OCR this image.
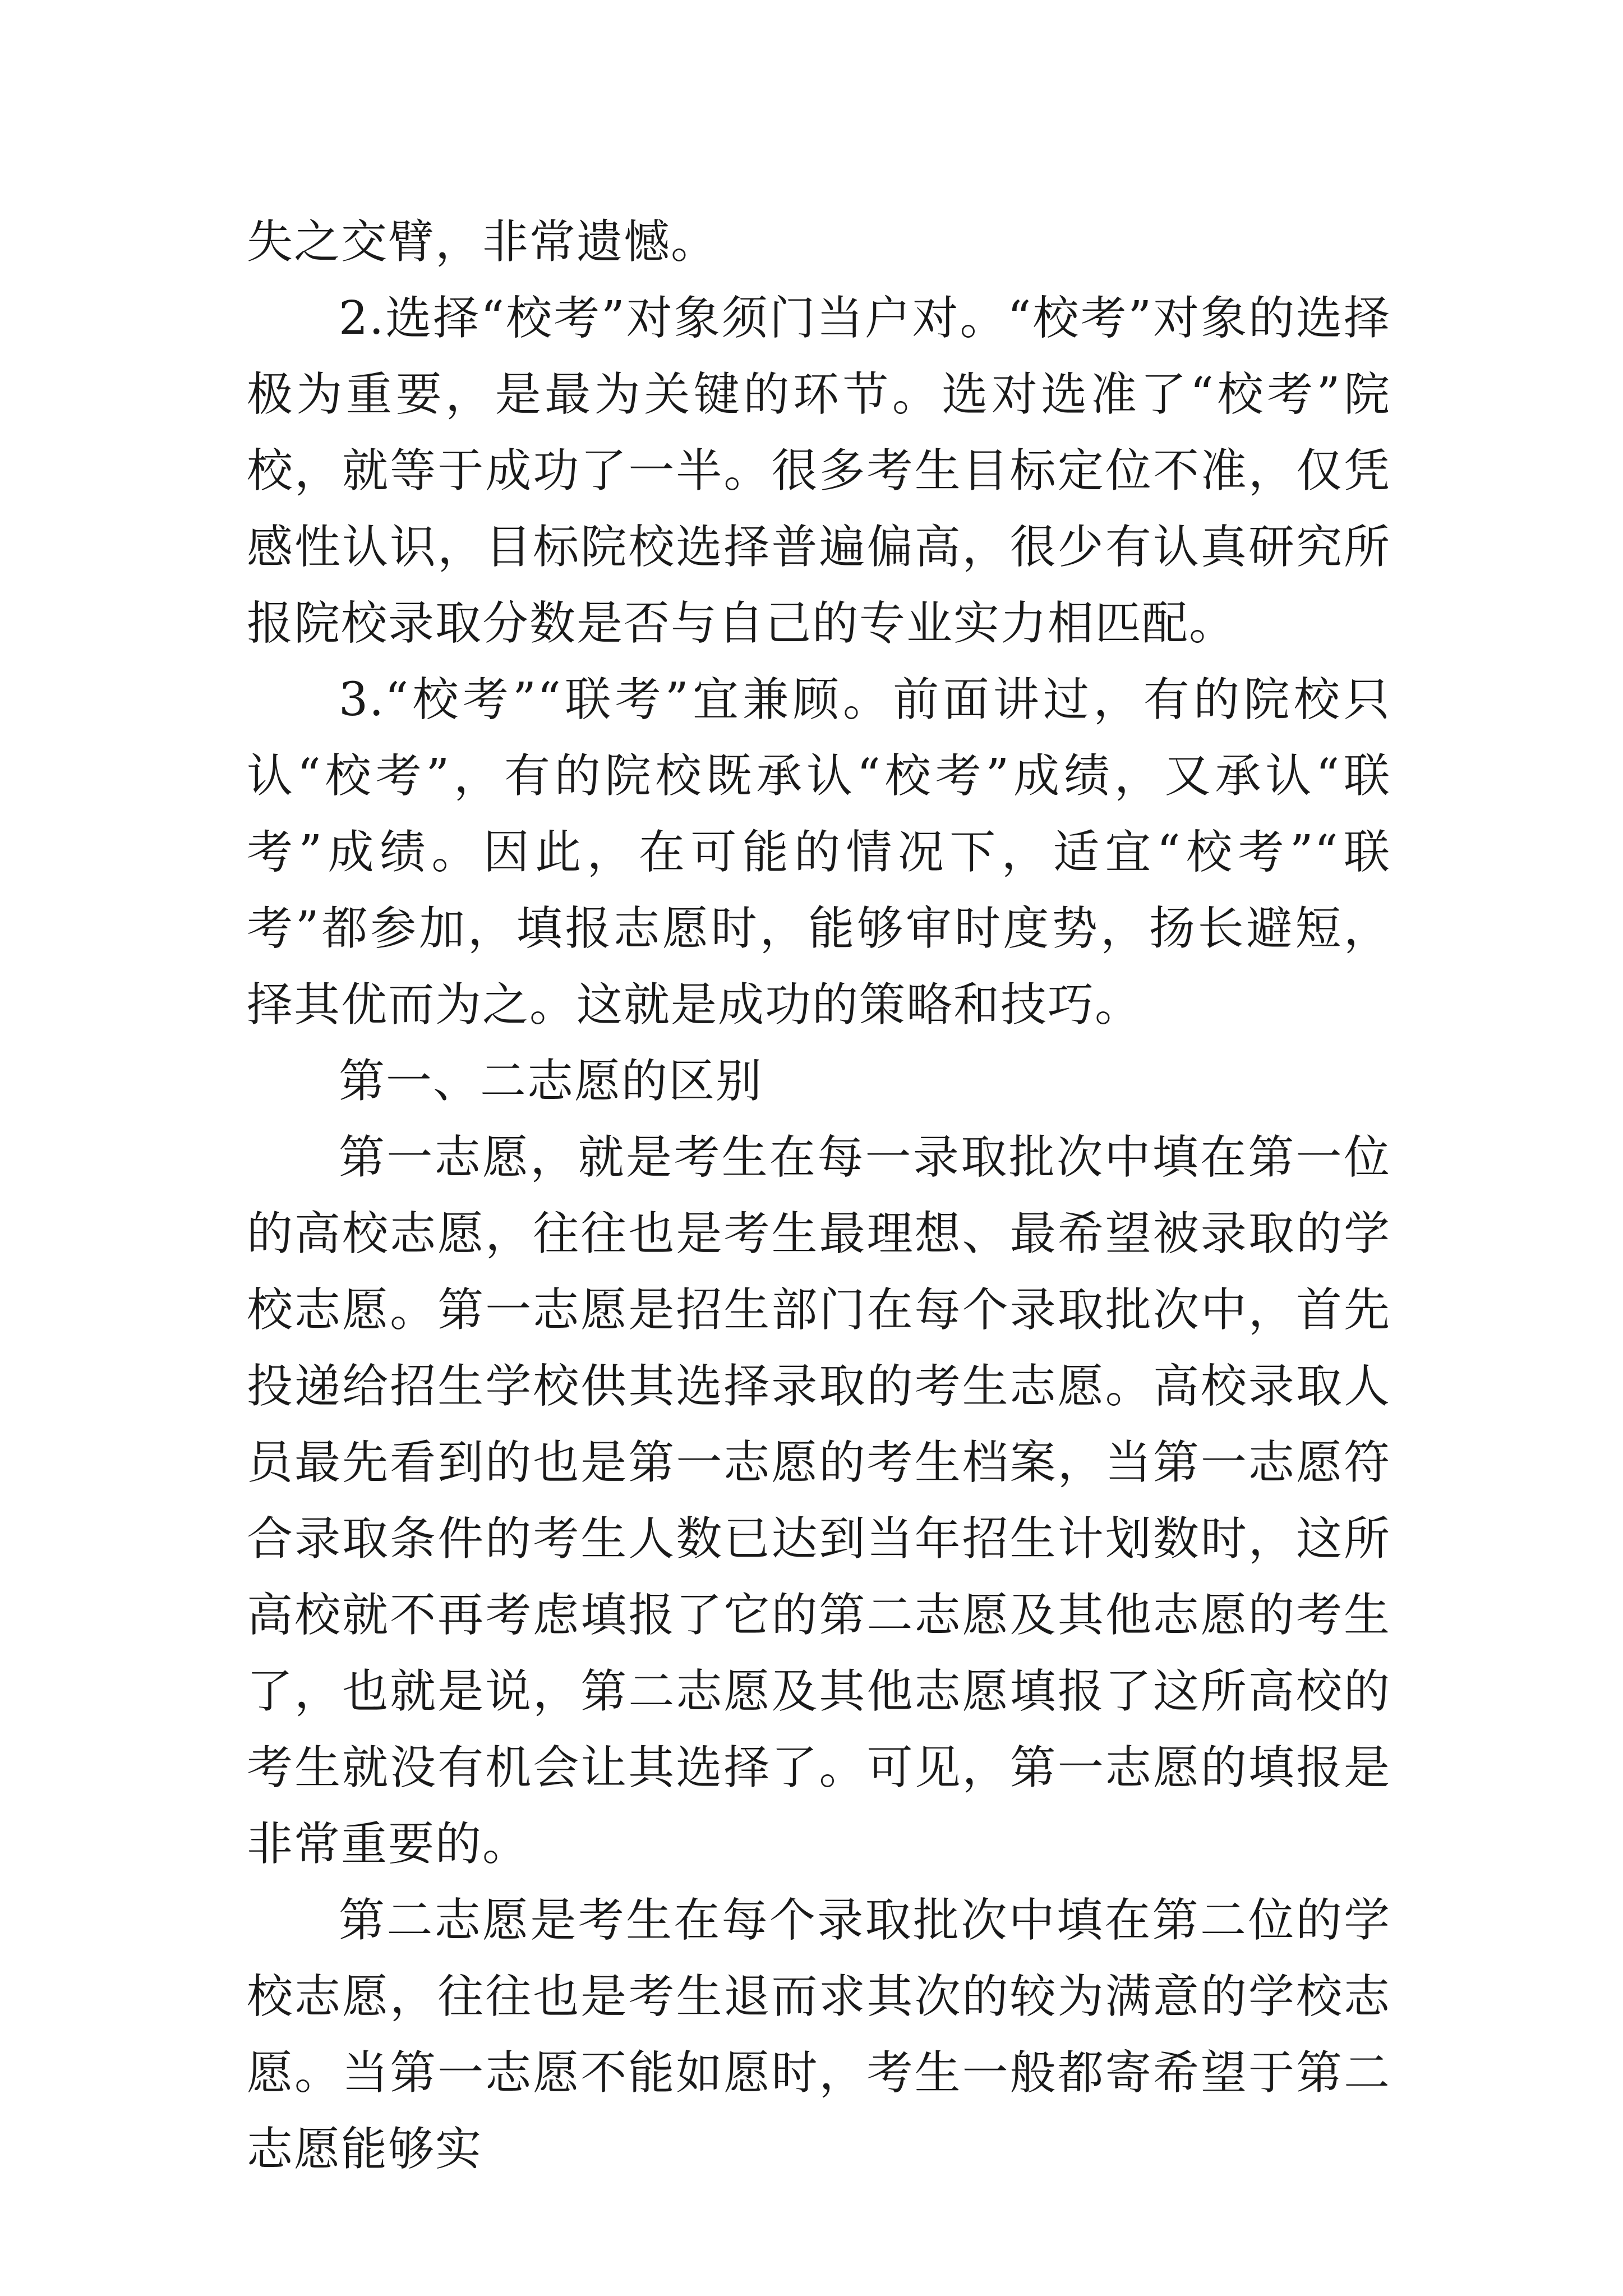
失之交臂，非常遗憾。

2.选择“校考”对象须门当户对。“校考”对象的选择极为重要，是最为关键的环节。选对选准了“校考”院校，就等于成功了一半。很多考生目标定位不准，仅凭感性认识，目标院校选择普遍偏高，很少有认真研究所报院校录取分数是否与自己的专业实力相匹配。

3.“校考”“联考”宜兼顾。前面讲过，有的院校只认“校考”，有的院校既承认“校考”成绩，又承认“联考”成绩。因此，在可能的情况下，适宜“校考”“联考”都参加，填报志愿时，能够审时度势，扬长避短，择其优而为之。这就是成功的策略和技巧。

第一、二志愿的区别

第一志愿，就是考生在每一录取批次中填在第一位的高校志愿，往往也是考生最理想、最希望被录取的学校志愿。第一志愿是招生部门在每个录取批次中，首先投递给招生学校供其选择录取的考生志愿。高校录取人员最先看到的也是第一志愿的考生档案，当第一志愿符合录取条件的考生人数已达到当年招生计划数时，这所高校就不再考虑填报了它的第二志愿及其他志愿的考生了，也就是说，第二志愿及其他志愿填报了这所高校的考生就没有机会让其选择了。可见，第一志愿的填报是非常重要的。

第二志愿是考生在每个录取批次中填在第二位的学校志愿，往往也是考生退而求其次的较为满意的学校志愿。当第一志愿不能如愿时，考生一般都寄希望于第二志愿能够实
